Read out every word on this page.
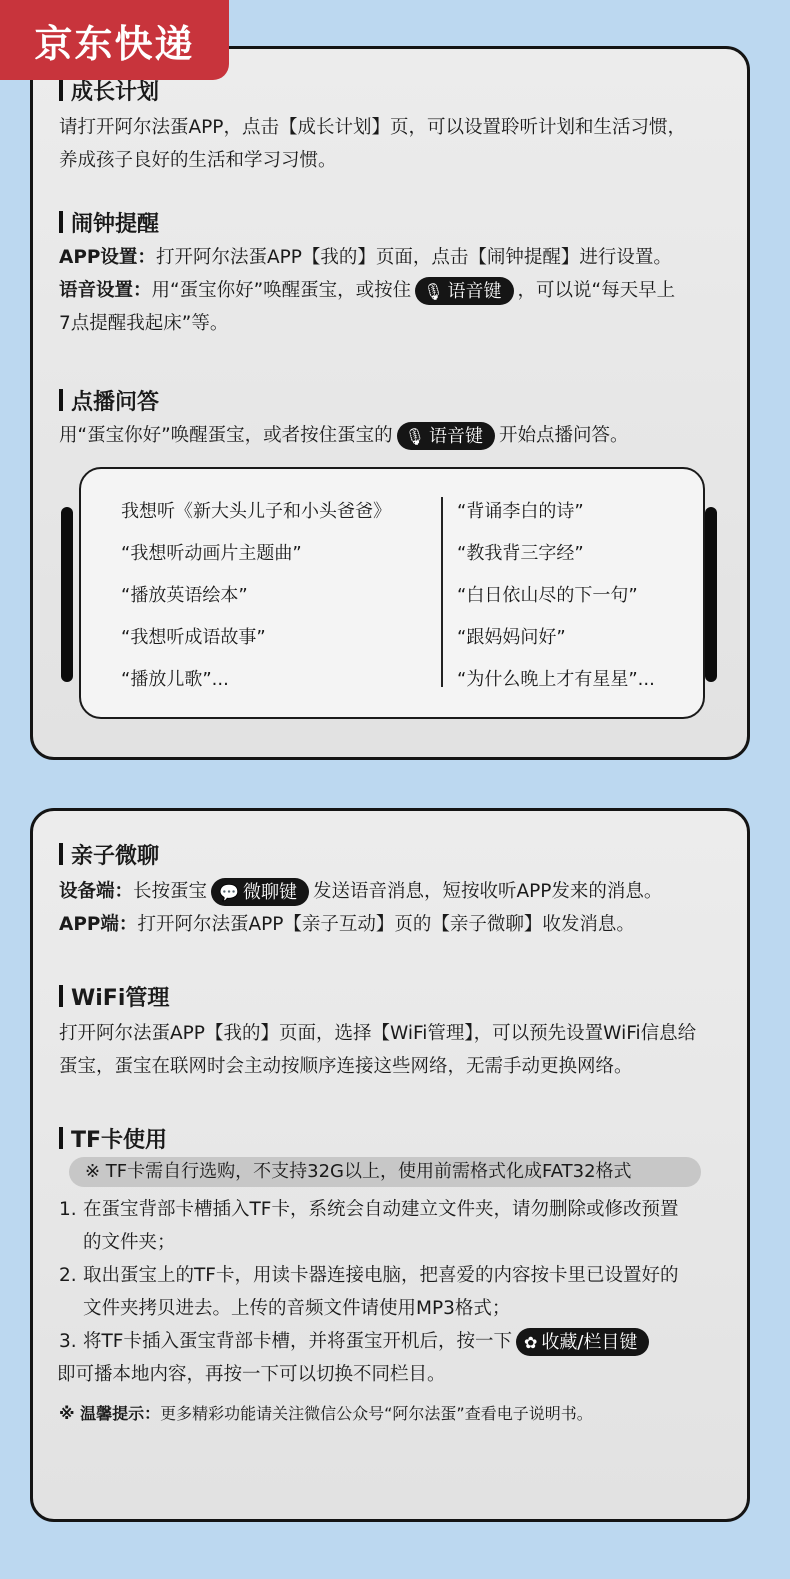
京东快递
成长计划
请打开阿尔法蛋APP，点击【成长计划】页，可以设置聆听计划和生活习惯，
养成孩子良好的生活和学习习惯。
闹钟提醒
APP设置：打开阿尔法蛋APP【我的】页面，点击【闹钟提醒】进行设置。
语音设置：用“蛋宝你好”唤醒蛋宝，或按住 🎙 语音键 ，可以说“每天早上
7点提醒我起床”等。
点播问答
用“蛋宝你好”唤醒蛋宝，或者按住蛋宝的 🎙 语音键 开始点播问答。
我想听《新大头儿子和小头爸爸》
“我想听动画片主题曲”
“播放英语绘本”
“我想听成语故事”
“播放儿歌”...
“背诵李白的诗”
“教我背三字经”
“白日依山尽的下一句”
“跟妈妈问好”
“为什么晚上才有星星”...
亲子微聊
设备端：长按蛋宝 💬 微聊键 发送语音消息，短按收听APP发来的消息。
APP端：打开阿尔法蛋APP【亲子互动】页的【亲子微聊】收发消息。
WiFi管理
打开阿尔法蛋APP【我的】页面，选择【WiFi管理】，可以预先设置WiFi信息给
蛋宝，蛋宝在联网时会主动按顺序连接这些网络，无需手动更换网络。
TF卡使用
※ TF卡需自行选购，不支持32G以上，使用前需格式化成FAT32格式
1. 在蛋宝背部卡槽插入TF卡，系统会自动建立文件夹，请勿删除或修改预置
的文件夹；
2. 取出蛋宝上的TF卡，用读卡器连接电脑，把喜爱的内容按卡里已设置好的
文件夹拷贝进去。上传的音频文件请使用MP3格式；
3. 将TF卡插入蛋宝背部卡槽，并将蛋宝开机后，按一下 ✿ 收藏/栏目键
即可播本地内容，再按一下可以切换不同栏目。
※ 温馨提示：更多精彩功能请关注微信公众号“阿尔法蛋”查看电子说明书。
